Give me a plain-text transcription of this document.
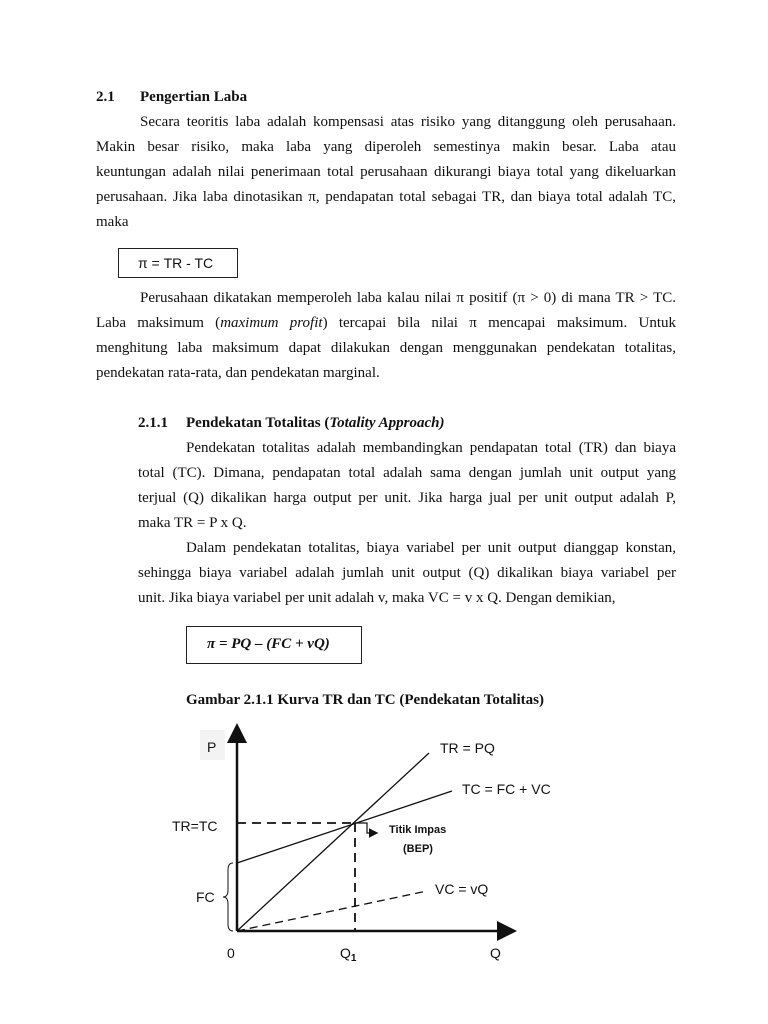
2.1 Pengertian Laba
Secara teoritis laba adalah kompensasi atas risiko yang ditanggung oleh perusahaan.
Makin besar risiko, maka laba yang diperoleh semestinya makin besar. Laba atau
keuntungan adalah nilai penerimaan total perusahaan dikurangi biaya total yang dikeluarkan
perusahaan. Jika laba dinotasikan π, pendapatan total sebagai TR, dan biaya total adalah TC,
maka
π = TR - TC
Perusahaan dikatakan memperoleh laba kalau nilai π positif (π > 0) di mana TR > TC.
Laba maksimum (maximum profit) tercapai bila nilai π mencapai maksimum. Untuk
menghitung laba maksimum dapat dilakukan dengan menggunakan pendekatan totalitas,
pendekatan rata-rata, dan pendekatan marginal.
2.1.1 Pendekatan Totalitas (Totality Approach)
Pendekatan totalitas adalah membandingkan pendapatan total (TR) dan biaya
total (TC). Dimana, pendapatan total adalah sama dengan jumlah unit output yang
terjual (Q) dikalikan harga output per unit. Jika harga jual per unit output adalah P,
maka TR = P x Q.
Dalam pendekatan totalitas, biaya variabel per unit output dianggap konstan,
sehingga biaya variabel adalah jumlah unit output (Q) dikalikan biaya variabel per
unit. Jika biaya variabel per unit adalah v, maka VC = v x Q. Dengan demikian,
π = PQ – (FC + vQ)
Gambar 2.1.1 Kurva TR dan TC (Pendekatan Totalitas)
P	TR = PQ
TC = FC + VC
TR=TC	Titik Impas
(BEP)
FC	VC = vQ
0	$Q_1$	Q
